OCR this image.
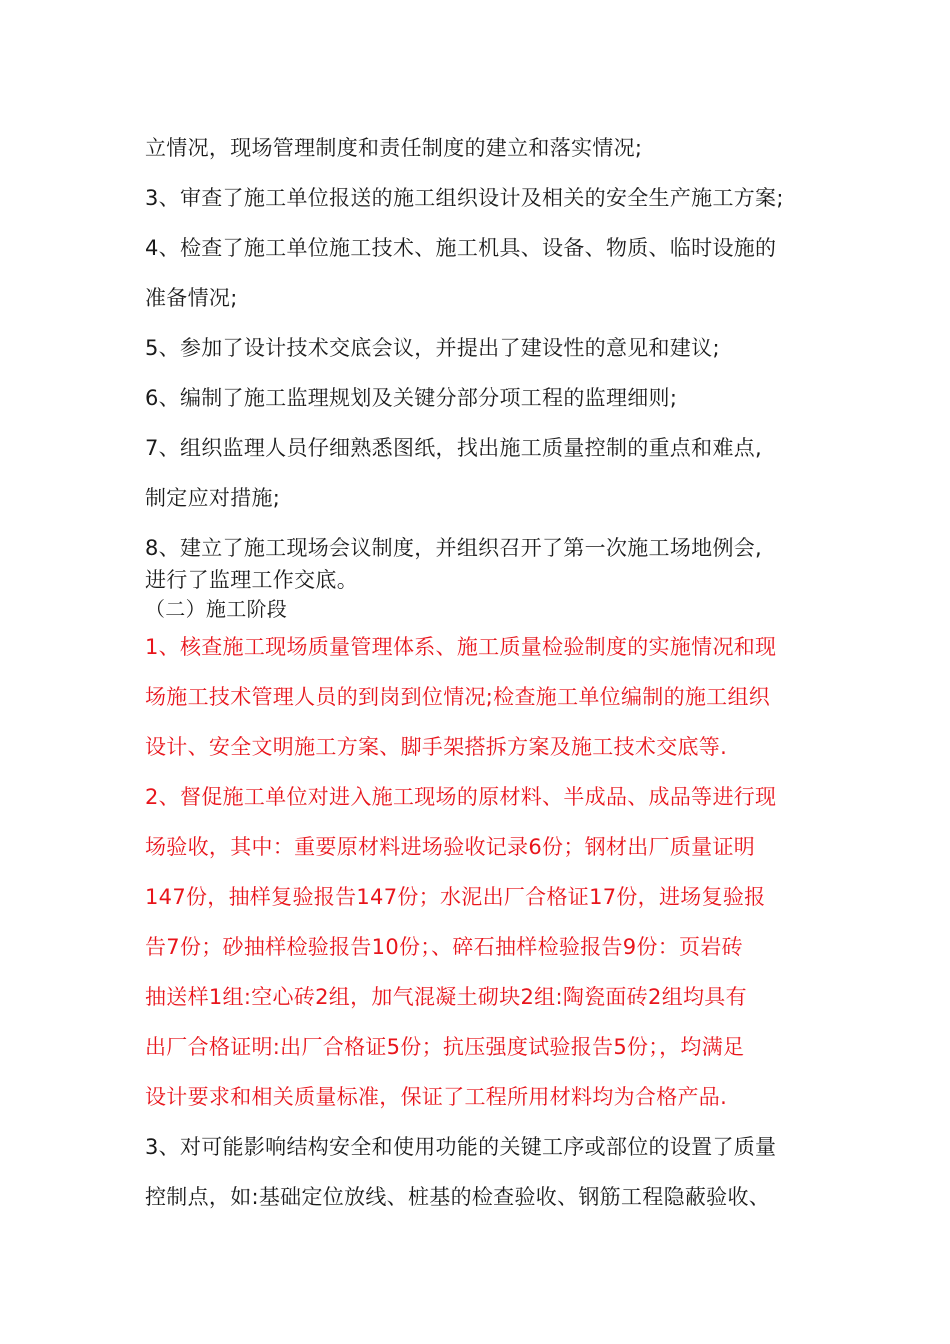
立情况，现场管理制度和责任制度的建立和落实情况;
3、审查了施工单位报送的施工组织设计及相关的安全生产施工方案;
4、检查了施工单位施工技术、施工机具、设备、物质、临时设施的
准备情况;
5、参加了设计技术交底会议，并提出了建设性的意见和建议;
6、编制了施工监理规划及关键分部分项工程的监理细则;
7、组织监理人员仔细熟悉图纸，找出施工质量控制的重点和难点,
制定应对措施;
8、建立了施工现场会议制度，并组织召开了第一次施工场地例会,
进行了监理工作交底。
（二）施工阶段
1、核查施工现场质量管理体系、施工质量检验制度的实施情况和现
场施工技术管理人员的到岗到位情况;检查施工单位编制的施工组织
设计、安全文明施工方案、脚手架搭拆方案及施工技术交底等.
2、督促施工单位对进入施工现场的原材料、半成品、成品等进行现
场验收，其中：重要原材料进场验收记录6份；钢材出厂质量证明
147份，抽样复验报告147份；水泥出厂合格证17份，进场复验报
告7份；砂抽样检验报告10份；、碎石抽样检验报告9份：页岩砖
抽送样1组:空心砖2组，加气混凝土砌块2组:陶瓷面砖2组均具有
出厂合格证明:出厂合格证5份；抗压强度试验报告5份；，均满足
设计要求和相关质量标准，保证了工程所用材料均为合格产品.
3、对可能影响结构安全和使用功能的关键工序或部位的设置了质量
控制点，如:基础定位放线、桩基的检查验收、钢筋工程隐蔽验收、
